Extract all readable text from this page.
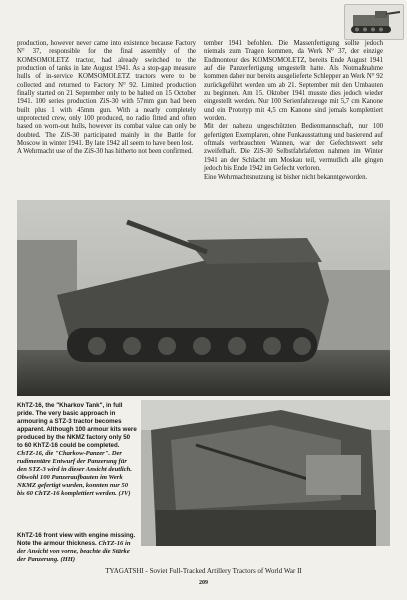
production, however never came into existence because Factory N° 37, responsible for the final assembly of the KOMSOMOLETZ tractor, had already switched to the production of tanks in late August 1941. As a stop-gap measure hulls of in-service KOMSOMOLETZ tractors were to be collected and returned to Factory N° 92. Limited production finally started on 21 September only to be halted on 15 October 1941. 100 series production ZiS-30 with 57mm gun had been built plus 1 with 45mm gun. With a nearly completely unprotected crew, only 100 produced, no radio fitted and often based on worn-out hulls, however its combat value can only be doubted. The ZiS-30 participated mainly in the Battle for Moscow in winter 1941. By late 1942 all seem to have been lost.
A Wehrmacht use of the ZiS-30 has hitherto not been confirmed.

tember 1941 befohlen. Die Massenfertigung sollte jedoch niemals zum Tragen kommen, da Werk N° 37, der einzige Endmonteur des KOMSOMOLETZ, bereits Ende August 1941 auf die Panzerfertigung umgestellt hatte. Als Notmaßnahme kommen daher nur bereits ausgelieferte Schlepper an Werk N° 92 zurückgeführt werden um ab 21. September mit den Umbauten zu beginnen. Am 15. Oktober 1941 musste dies jedoch wieder eingestellt werden. Nur 100 Serienfahrzeuge mit 5,7 cm Kanone und ein Prototyp mit 4,5 cm Kanone sind jemals komplettiert worden.
Mit der nahezu ungeschützten Bedienmannschaft, nur 100 gefertigten Exemplaren, ohne Funkausstattung und basierend auf oftmals verbrauchten Wannen, war der Gefechtswert sehr zweifelhaft. Die ZiS-30 Selbstfahrlafetten nahmen im Winter 1941 an der Schlacht um Moskau teil, vermutlich alle gingen jedoch bis Ende 1942 im Gefecht verloren.
Eine Wehrmachtsnutzung ist bisher nicht bekanntgeworden.

KhTZ-16, the "Kharkov Tank", in full pride. The very basic approach in armouring a STZ-3 tractor becomes apparent. Although 100 armour kits were produced by the NKMZ factory only 50 to 60 KhTZ-16 could be completed. ChTZ-16, die "Charkow-Panzer". Der rudimentäre Entwurf der Panzerung für den STZ-3 wird in dieser Ansicht deutlich. Obwohl 100 Panzeraufbauten im Werk NKMZ gefertigt wurden, konnten nur 50 bis 60 ChTZ-16 komplettiert werden. (JV)
KhTZ-16 front view with engine missing. Note the armour thickness. ChTZ-16 in der Ansicht von vorne, beachte die Stärke der Panzerung. (HH)
TYAGATSHI - Soviet Full-Tracked Artillery Tractors of World War II
209
